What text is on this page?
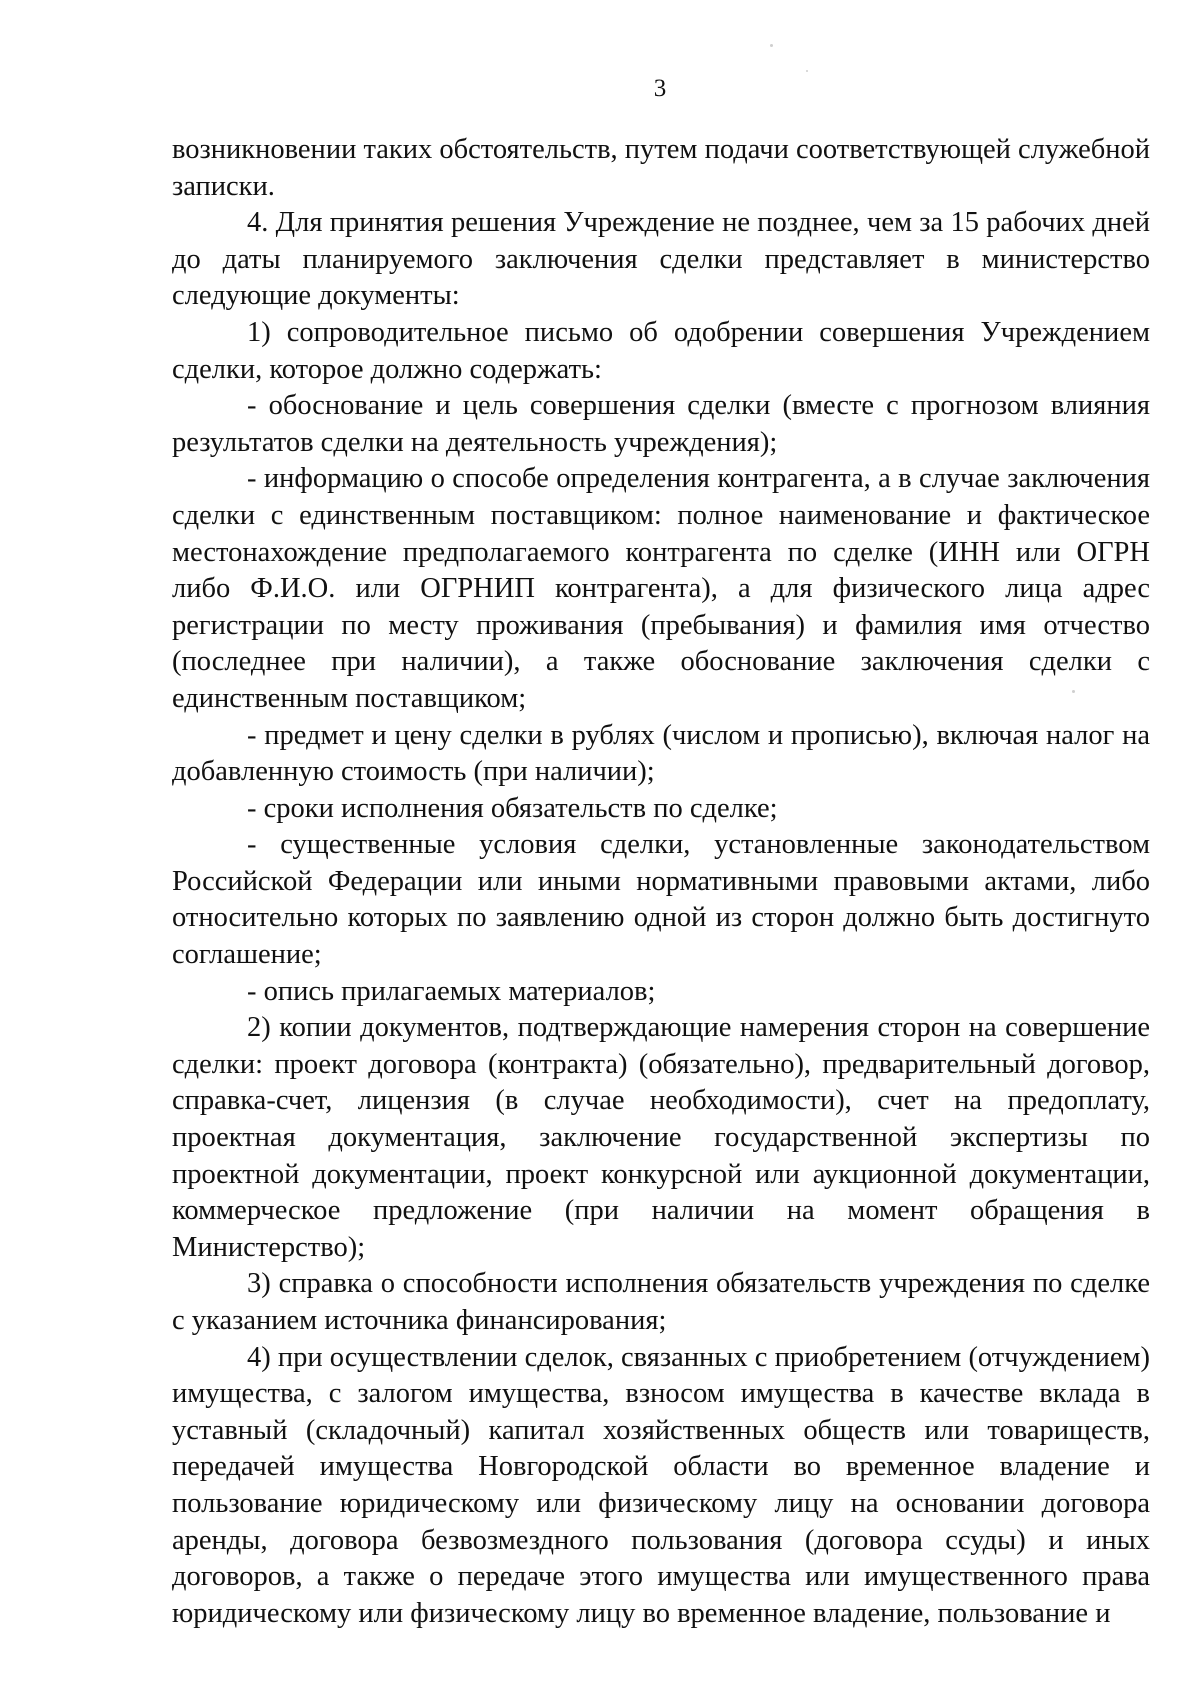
3

возникновении таких обстоятельств, путем подачи соответствующей служебной записки.

4. Для принятия решения Учреждение не позднее, чем за 15 рабочих дней до даты планируемого заключения сделки представляет в министерство следующие документы:

1) сопроводительное письмо об одобрении совершения Учреждением сделки, которое должно содержать:

- обоснование и цель совершения сделки (вместе с прогнозом влияния результатов сделки на деятельность учреждения);

- информацию о способе определения контрагента, а в случае заключения сделки с единственным поставщиком: полное наименование и фактическое местонахождение предполагаемого контрагента по сделке (ИНН или ОГРН либо Ф.И.О. или ОГРНИП контрагента), а для физического лица адрес регистрации по месту проживания (пребывания) и фамилия имя отчество (последнее при наличии), а также обоснование заключения сделки с единственным поставщиком;

- предмет и цену сделки в рублях (числом и прописью), включая налог на добавленную стоимость (при наличии);

- сроки исполнения обязательств по сделке;

- существенные условия сделки, установленные законодательством Российской Федерации или иными нормативными правовыми актами, либо относительно которых по заявлению одной из сторон должно быть достигнуто соглашение;

- опись прилагаемых материалов;

2) копии документов, подтверждающие намерения сторон на совершение сделки: проект договора (контракта) (обязательно), предварительный договор, справка-счет, лицензия (в случае необходимости), счет на предоплату, проектная документация, заключение государственной экспертизы по проектной документации, проект конкурсной или аукционной документации, коммерческое предложение (при наличии на момент обращения в Министерство);

3) справка о способности исполнения обязательств учреждения по сделке с указанием источника финансирования;

4) при осуществлении сделок, связанных с приобретением (отчуждением) имущества, с залогом имущества, взносом имущества в качестве вклада в уставный (складочный) капитал хозяйственных обществ или товариществ, передачей имущества Новгородской области во временное владение и пользование юридическому или физическому лицу на основании договора аренды, договора безвозмездного пользования (договора ссуды) и иных договоров, а также о передаче этого имущества или имущественного права юридическому или физическому лицу во временное владение, пользование и
